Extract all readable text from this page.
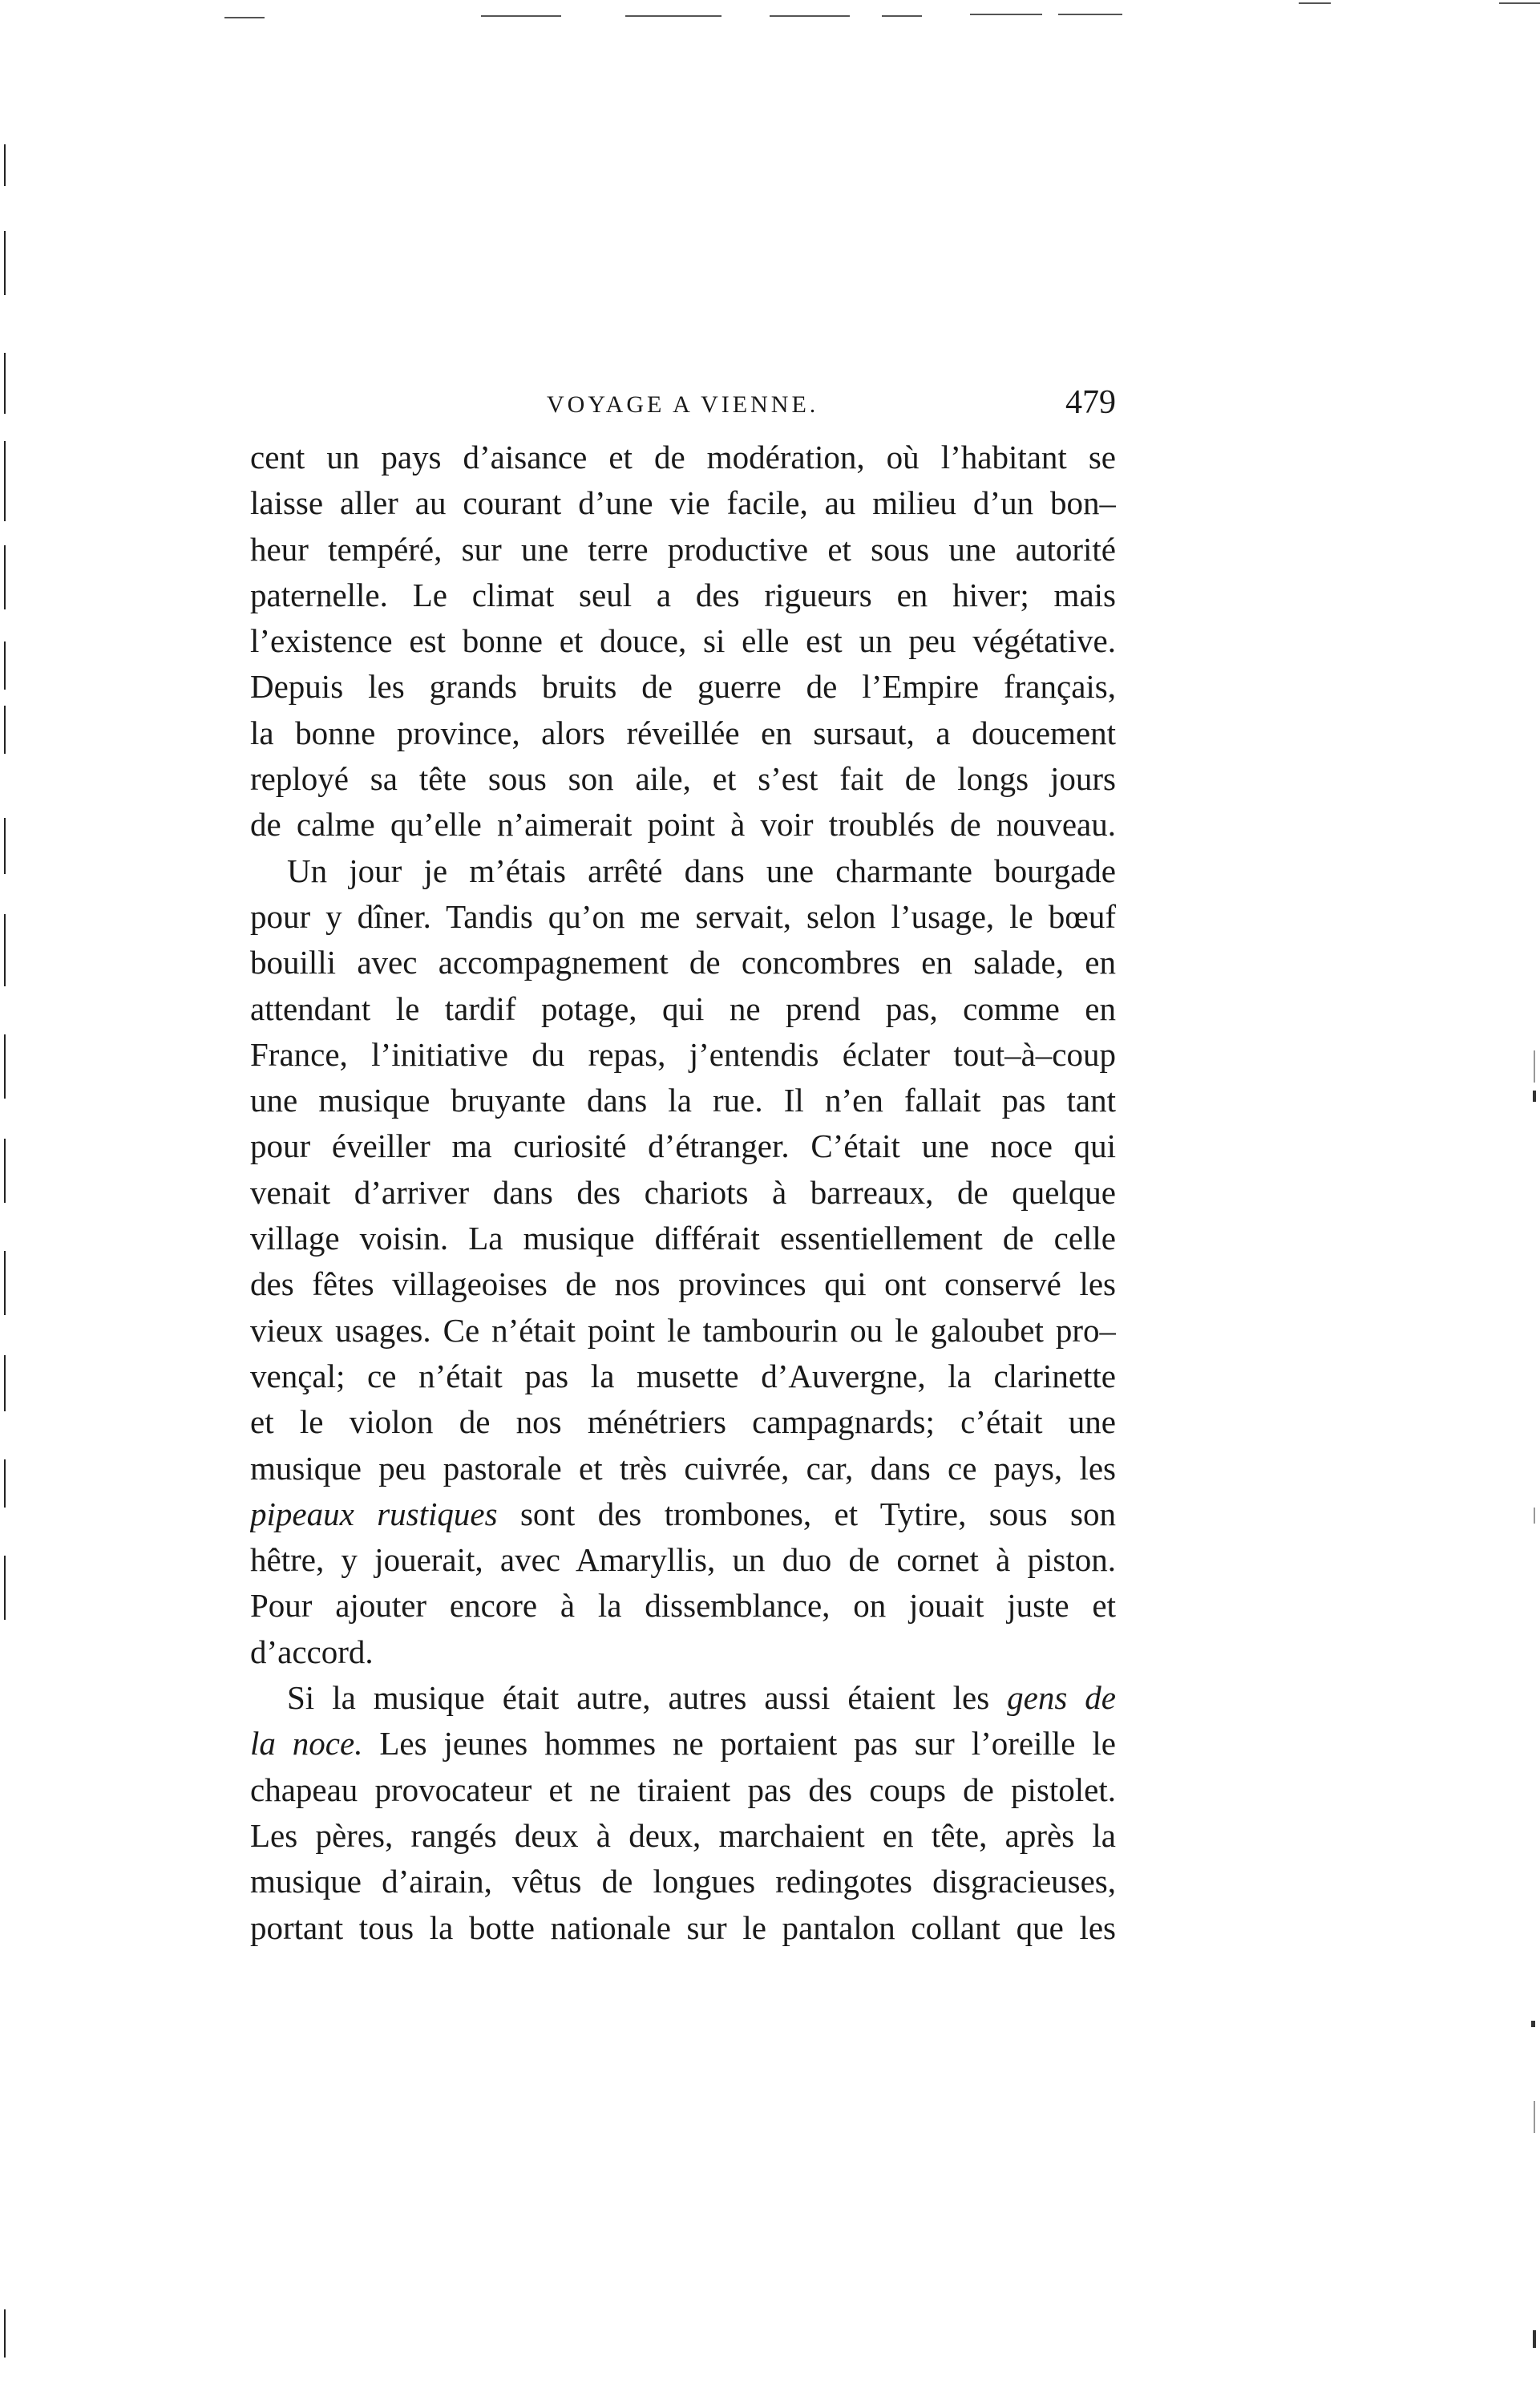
VOYAGE A VIENNE.	479
cent un pays d’aisance et de modération, où l’habitant se
laisse aller au courant d’une vie facile, au milieu d’un bon–
heur tempéré, sur une terre productive et sous une autorité
paternelle. Le climat seul a des rigueurs en hiver; mais
l’existence est bonne et douce, si elle est un peu végétative.
Depuis les grands bruits de guerre de l’Empire français,
la bonne province, alors réveillée en sursaut, a doucement
reployé sa tête sous son aile, et s’est fait de longs jours
de calme qu’elle n’aimerait point à voir troublés de nouveau.
Un jour je m’étais arrêté dans une charmante bourgade
pour y dîner. Tandis qu’on me servait, selon l’usage, le bœuf
bouilli avec accompagnement de concombres en salade, en
attendant le tardif potage, qui ne prend pas, comme en
France, l’initiative du repas, j’entendis éclater tout–à–coup
une musique bruyante dans la rue. Il n’en fallait pas tant
pour éveiller ma curiosité d’étranger. C’était une noce qui
venait d’arriver dans des chariots à barreaux, de quelque
village voisin. La musique différait essentiellement de celle
des fêtes villageoises de nos provinces qui ont conservé les
vieux usages. Ce n’était point le tambourin ou le galoubet pro–
vençal; ce n’était pas la musette d’Auvergne, la clarinette
et le violon de nos ménétriers campagnards; c’était une
musique peu pastorale et très cuivrée, car, dans ce pays, les
pipeaux rustiques sont des trombones, et Tytire, sous son
hêtre, y jouerait, avec Amaryllis, un duo de cornet à piston.
Pour ajouter encore à la dissemblance, on jouait juste et
d’accord.
Si la musique était autre, autres aussi étaient les gens de
la noce. Les jeunes hommes ne portaient pas sur l’oreille le
chapeau provocateur et ne tiraient pas des coups de pistolet.
Les pères, rangés deux à deux, marchaient en tête, après la
musique d’airain, vêtus de longues redingotes disgracieuses,
portant tous la botte nationale sur le pantalon collant que les
